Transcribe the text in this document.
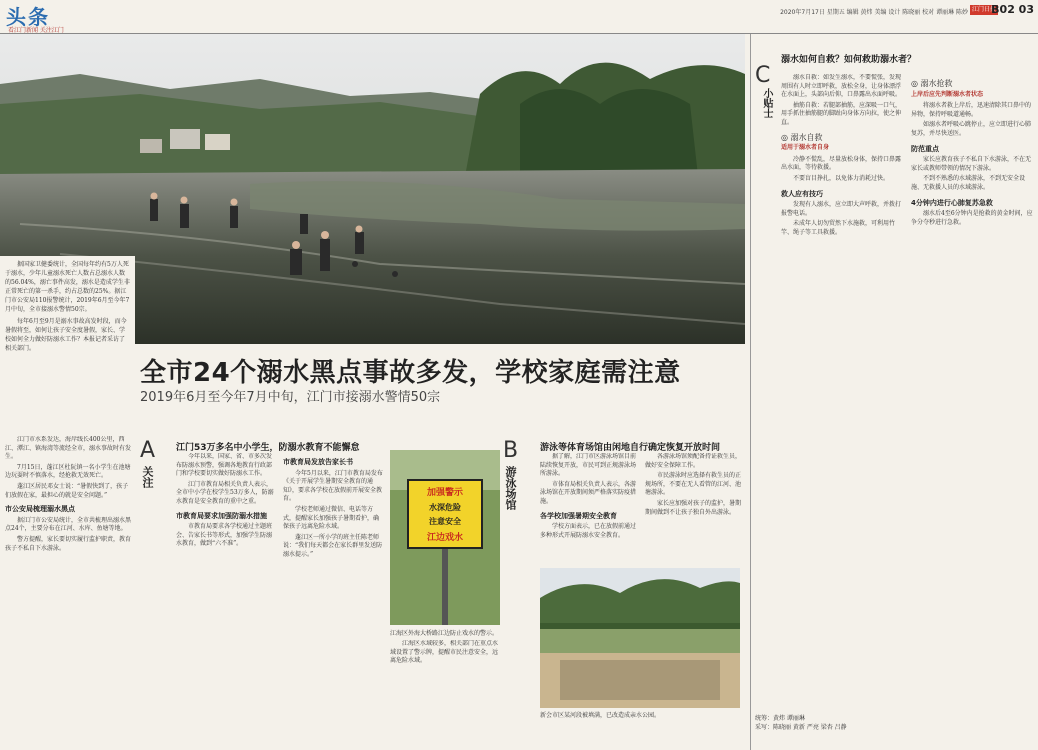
头条
看江门新闻 关注江门
2020年7月17日 星期五 编辑 黄炜 美编 设计 陈晓丽 校对 谭丽琳 陈妙 江门日报
B02 03

据国家卫健委统计，全国每年约有5万人死于溺水，少年儿童溺水死亡人数占总溺水人数的56.04%，溺亡事件高发，溺水是造成学生非正常死亡的第一杀手，约占总数的25%。据江门市公安局110报警统计，2019年6月至今年7月中旬，全市接溺水警情50宗。

每年6月至9月是溺水事故高发时段，而今暑假将至，如何让孩子安全度暑假，家长、学校如何全力做好防溺水工作？本报记者采访了相关部门。

全市24个溺水黑点事故多发，学校家庭需注意
2019年6月至今年7月中旬，江门市接溺水警情50宗

江门市水系发达，海岸线长400公里，西江、潭江、镇海湾等流经全市，溺水事故时有发生。

7月15日，蓬江区杜阮镇一名小学生在池塘边玩耍时不慎落水，经抢救无效死亡。

蓬江区居民邓女士说：“暑假快到了，孩子们放假在家，最担心的就是安全问题。”

市公安局梳理溺水黑点

据江门市公安局统计，全市共梳理出溺水黑点24个，主要分布在江河、水库、鱼塘等地。

警方提醒，家长要切实履行监护职责，教育孩子不私自下水游泳。

A
关注
江门53万多名中小学生，防溺水教育不能懈怠

今年以来，国家、省、市多次发布防溺水预警，强调各地教育行政部门和学校要切实做好防溺水工作。

江门市教育局相关负责人表示，全市中小学在校学生53万多人，防溺水教育是安全教育的重中之重。

市教育局要求加强防溺水措施

市教育局要求各学校通过主题班会、告家长书等形式，加强学生防溺水教育，做到“六不准”。

市教育局发放告家长书

今年5月以来，江门市教育局发布《关于开展学生暑期安全教育的通知》，要求各学校在放假前开展安全教育。

学校老师通过微信、电话等方式，提醒家长加强孩子暑期看护，确保孩子远离危险水域。

蓬江区一所小学的班主任陈老师说：“我们每天都会在家长群里发送防溺水提示。”

加强警示
水深危险
注意安全
江边戏水
江海区外海大桥路江边防止戏水的警示。

江海区水域较多，相关部门在重点水域设置了警示牌，提醒市民注意安全，远离危险水域。

B
游泳场馆
游泳等体育场馆由闲地自行确定恢复开放时间

据了解，江门市区游泳场馆目前陆续恢复开放，市民可到正规游泳场所游泳。

市体育局相关负责人表示，各游泳场馆在开放期间须严格落实防疫措施。

各学校加强暑期安全教育

学校方面表示，已在放假前通过多种形式开展防溺水安全教育。

各游泳场馆须配备持证救生员，做好安全保障工作。

市民游泳时应选择有救生员的正规场所，不要在无人看管的江河、池塘游泳。

家长应加强对孩子的监护，暑期期间做到不让孩子独自外出游泳。

新会市区某河段被填满，已改造成亲水公园。
溺水如何自救？如何救助溺水者？
C
小贴士

溺水自救：如发生溺水，不要慌张，发现周围有人时立即呼救，放松全身，让身体漂浮在水面上，头部向后仰，口鼻露出水面呼吸。

抽筋自救：若腿部抽筋，应深吸一口气，用手抓住抽筋腿的脚趾向身体方向拉，使之伸直。

◎ 溺水自救
适用于溺水者自身

冷静不慌乱，尽量放松身体，保持口鼻露出水面，等待救援。

不要盲目挣扎，以免体力消耗过快。

救人应有技巧

发现有人溺水，应立即大声呼救，并拨打报警电话。

未成年人切勿贸然下水施救，可利用竹竿、绳子等工具救援。

◎ 溺水抢救
上岸后应先判断溺水者状态

将溺水者救上岸后，迅速清除其口鼻中的异物，保持呼吸道通畅。

如溺水者呼吸心跳停止，应立即进行心肺复苏，并尽快送医。

防范重点

家长应教育孩子不私自下水游泳，不在无家长或教师带领的情况下游泳。

不到不熟悉的水域游泳，不到无安全设施、无救援人员的水域游泳。

4分钟内进行心肺复苏急救

溺水后4至6分钟内是抢救的黄金时间，应争分夺秒进行急救。

统筹：黄炜 谭丽琳
采写：陈晓丽 黄新 严亮 梁杏 吕静
